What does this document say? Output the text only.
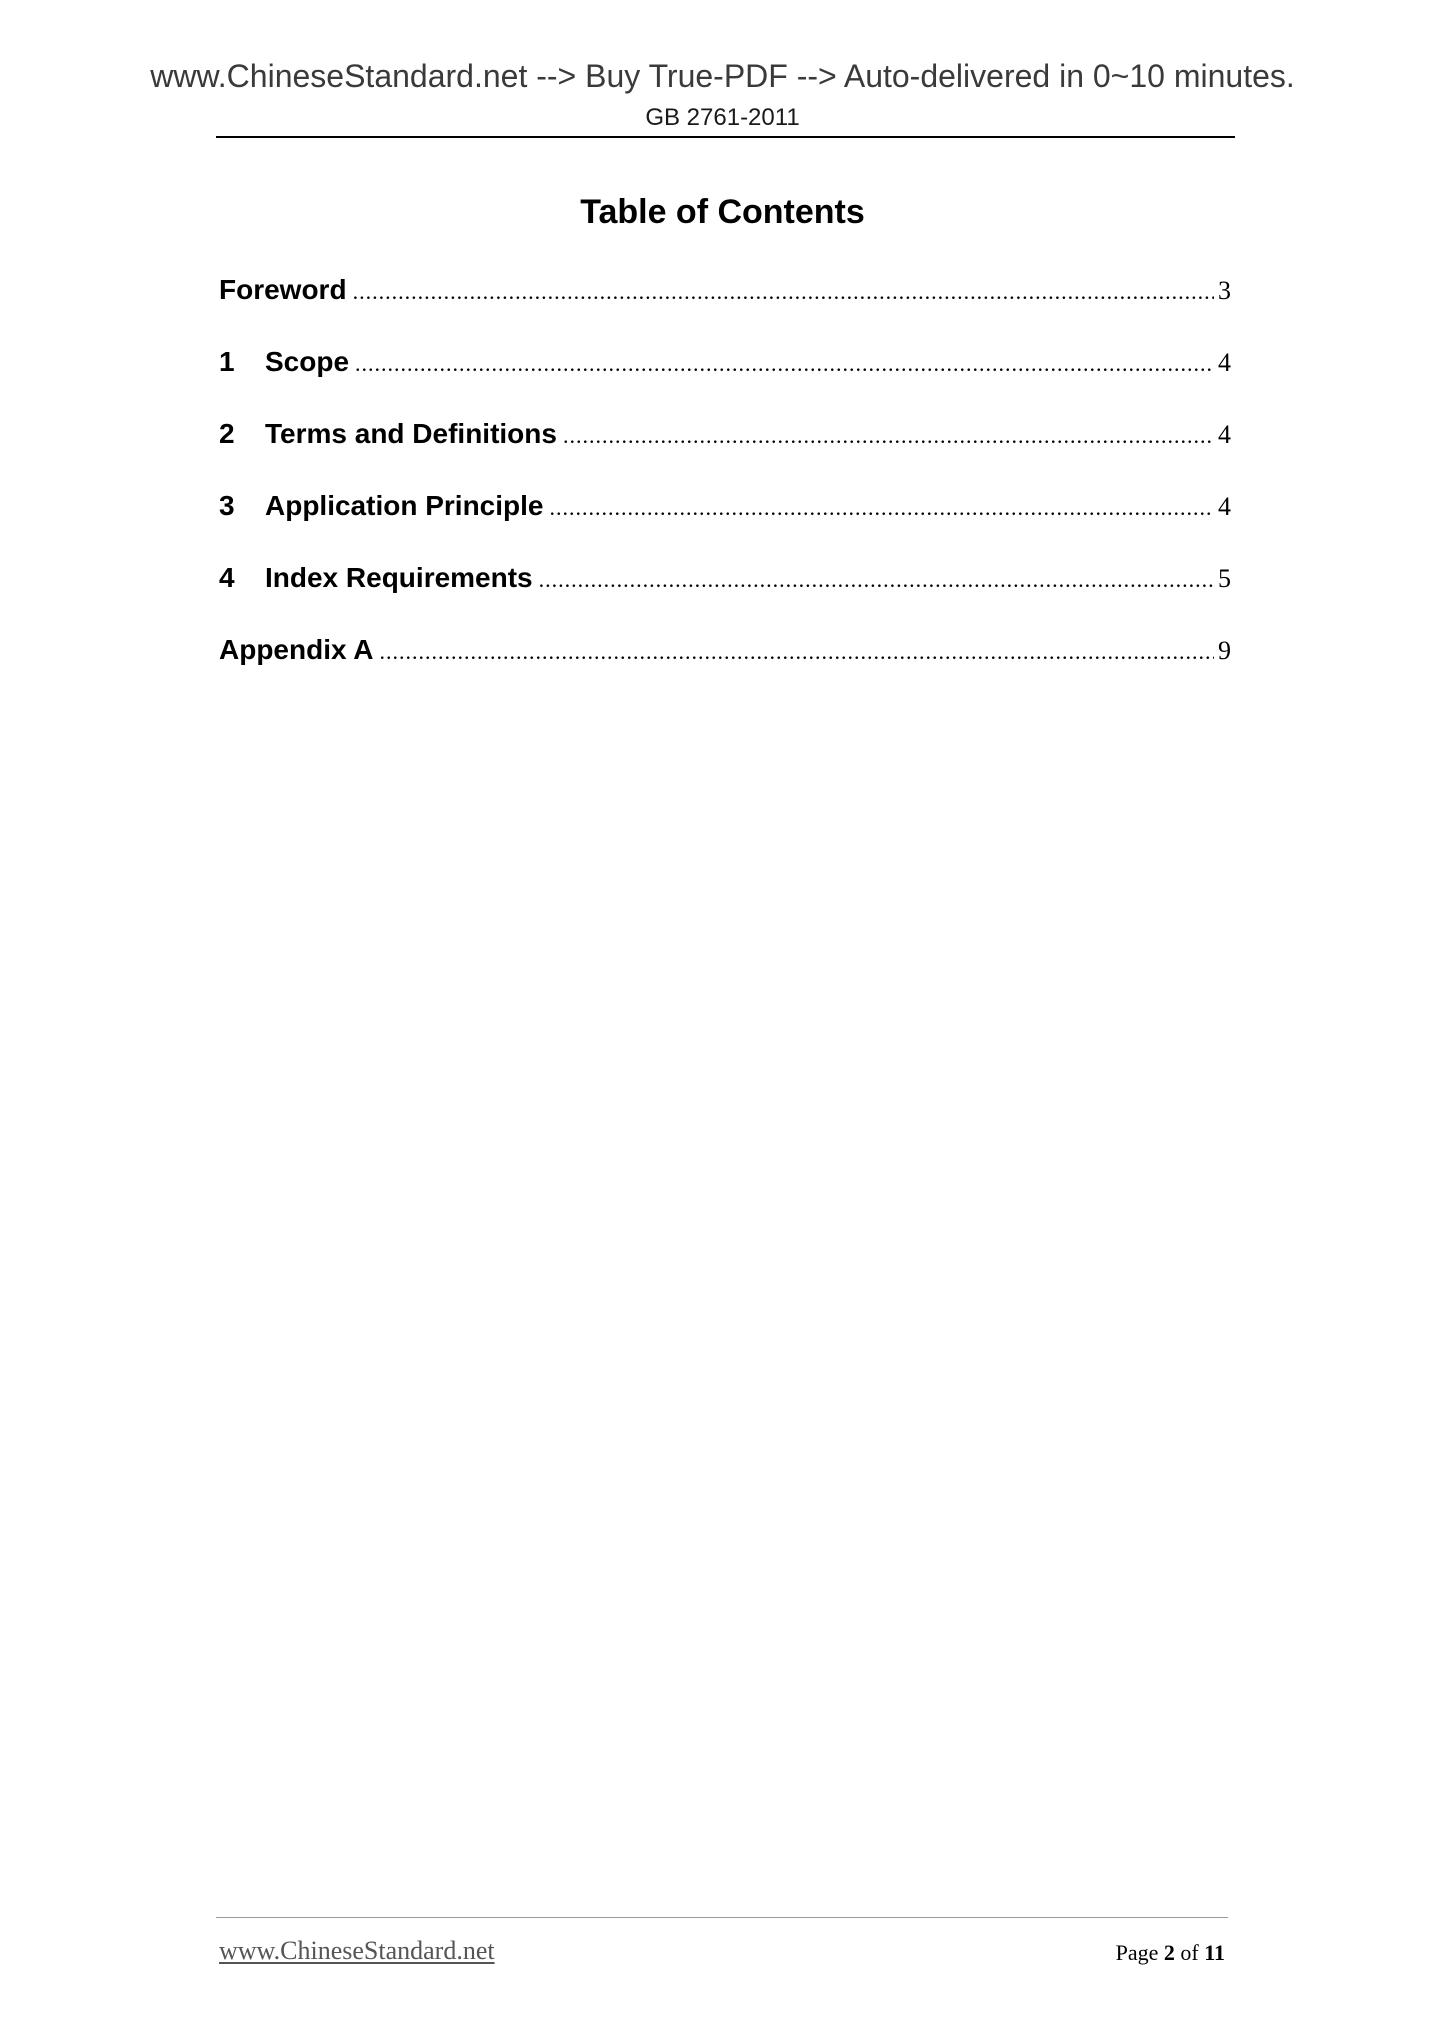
www.ChineseStandard.net --> Buy True-PDF --> Auto-delivered in 0~10 minutes.
GB 2761-2011
Table of Contents
Foreword .....	3
1	Scope .....	4
2	Terms and Definitions .....	4
3	Application Principle .....	4
4	Index Requirements .....	5
Appendix A .....	9
www.ChineseStandard.net	Page 2 of 11
